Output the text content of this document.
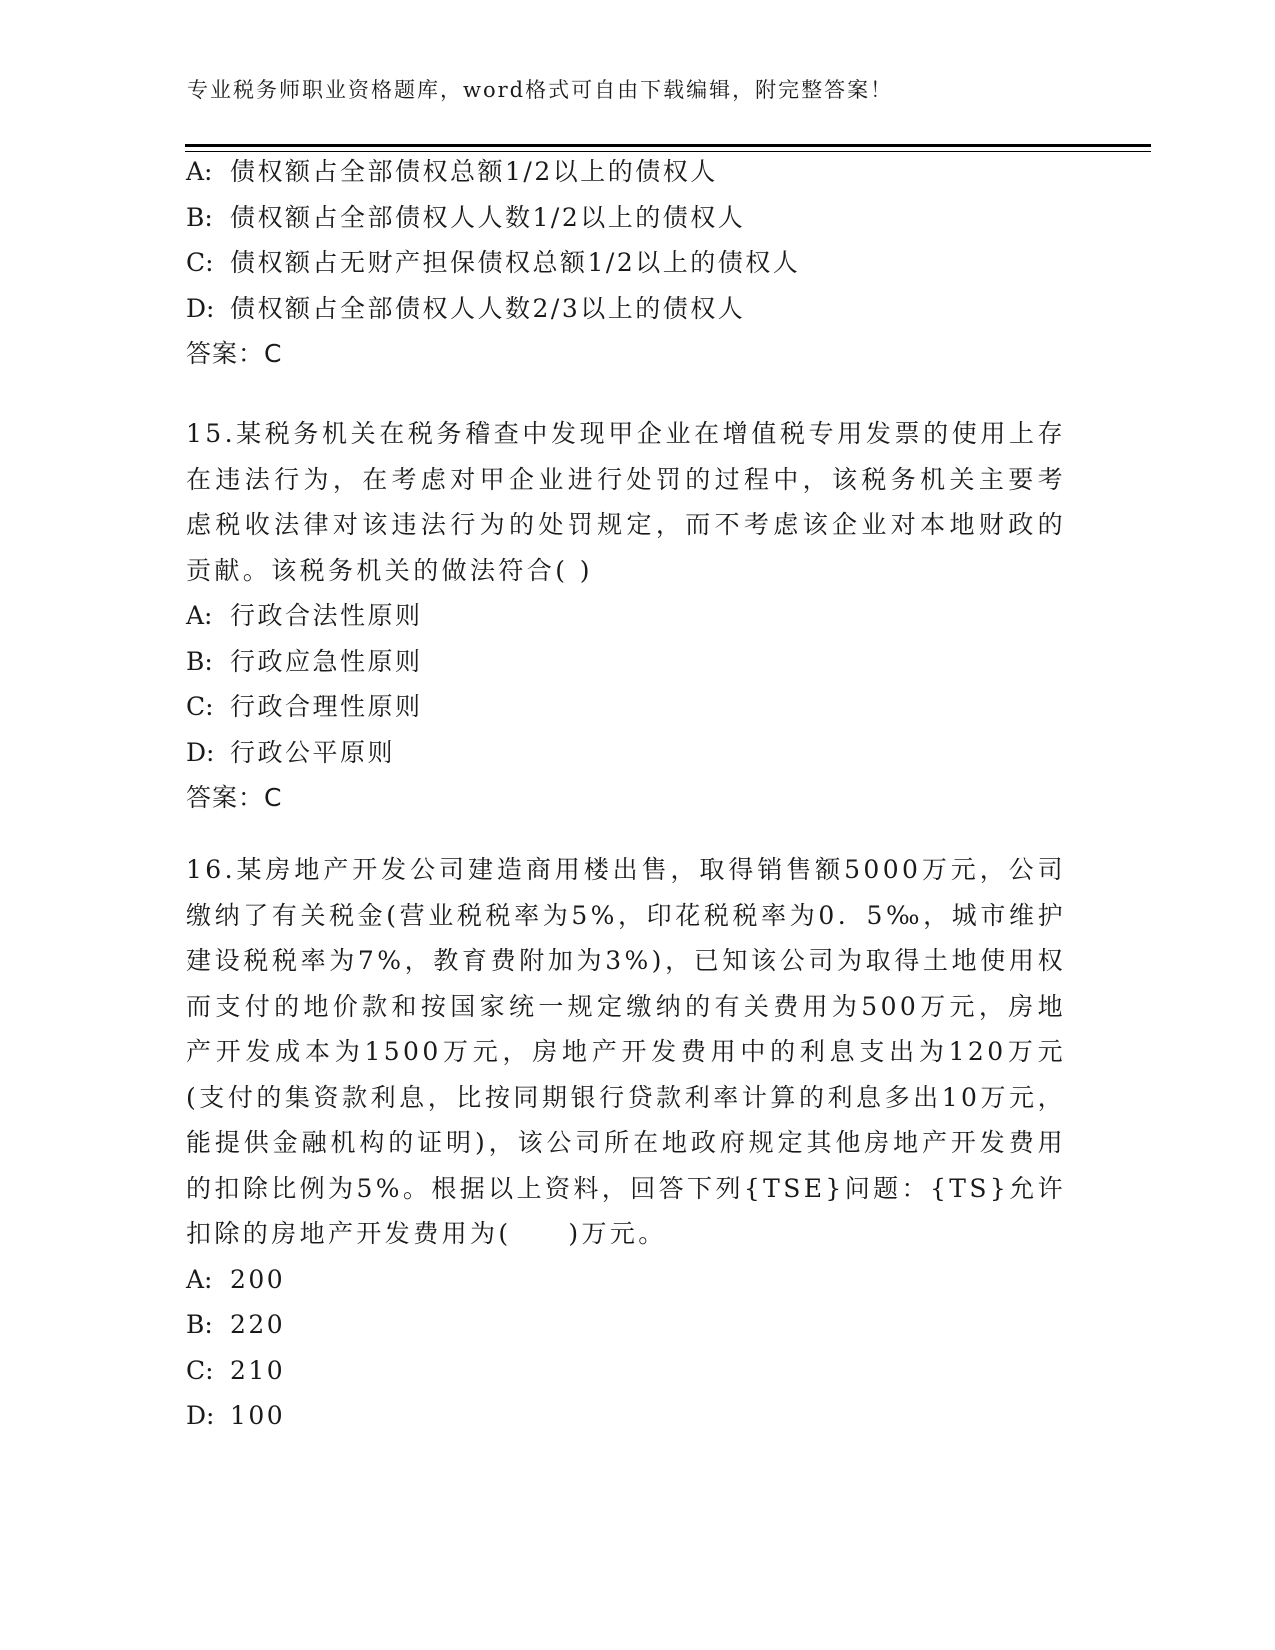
专业税务师职业资格题库，word格式可自由下载编辑，附完整答案！
A: 债权额占全部债权总额1/2以上的债权人
B: 债权额占全部债权人人数1/2以上的债权人
C: 债权额占无财产担保债权总额1/2以上的债权人
D: 债权额占全部债权人人数2/3以上的债权人
答案：C
15.某税务机关在税务稽查中发现甲企业在增值税专用发票的使用上存在违法行为，在考虑对甲企业进行处罚的过程中，该税务机关主要考虑税收法律对该违法行为的处罚规定，而不考虑该企业对本地财政的贡献。该税务机关的做法符合( )
A: 行政合法性原则
B: 行政应急性原则
C: 行政合理性原则
D: 行政公平原则
答案：C
16.某房地产开发公司建造商用楼出售，取得销售额5000万元，公司缴纳了有关税金(营业税税率为5%，印花税税率为0．5‰，城市维护建设税税率为7%，教育费附加为3%)，已知该公司为取得土地使用权而支付的地价款和按国家统一规定缴纳的有关费用为500万元，房地产开发成本为1500万元，房地产开发费用中的利息支出为120万元(支付的集资款利息，比按同期银行贷款利率计算的利息多出10万元，能提供金融机构的证明)，该公司所在地政府规定其他房地产开发费用的扣除比例为5%。根据以上资料，回答下列{TSE}问题：{TS}允许扣除的房地产开发费用为(　　)万元。
A: 200
B: 220
C: 210
D: 100
